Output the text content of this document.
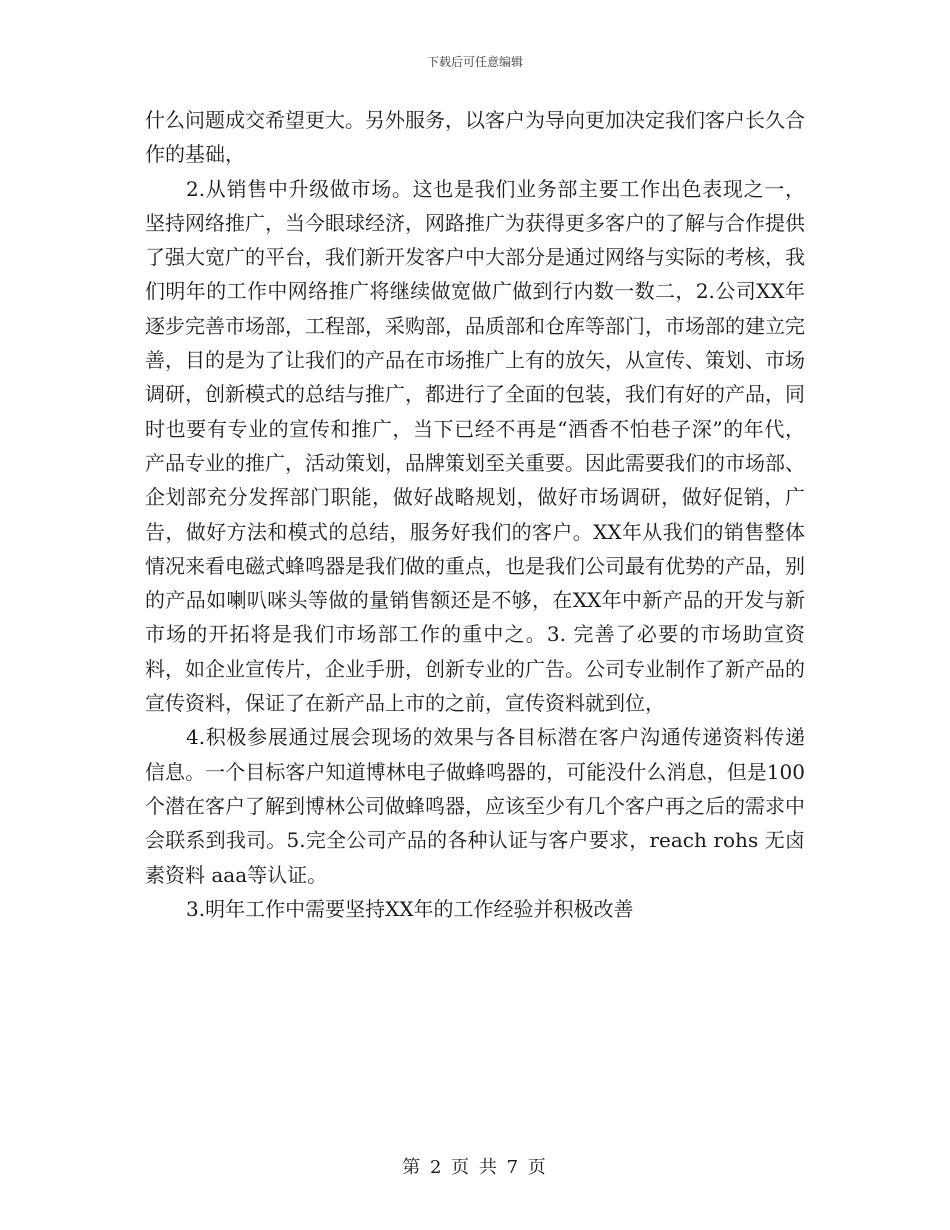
下载后可任意编辑

什么问题成交希望更大。另外服务，以客户为导向更加决定我们客户长久合作的基础，

2.从销售中升级做市场。这也是我们业务部主要工作出色表现之一，坚持网络推广，当今眼球经济，网路推广为获得更多客户的了解与合作提供了强大宽广的平台，我们新开发客户中大部分是通过网络与实际的考核，我们明年的工作中网络推广将继续做宽做广做到行内数一数二，2.公司XX年逐步完善市场部，工程部，采购部，品质部和仓库等部门，市场部的建立完善，目的是为了让我们的产品在市场推广上有的放矢，从宣传、策划、市场调研，创新模式的总结与推广，都进行了全面的包装，我们有好的产品，同时也要有专业的宣传和推广，当下已经不再是“酒香不怕巷子深”的年代，产品专业的推广，活动策划，品牌策划至关重要。因此需要我们的市场部、企划部充分发挥部门职能，做好战略规划，做好市场调研，做好促销，广告，做好方法和模式的总结，服务好我们的客户。XX年从我们的销售整体情况来看电磁式蜂鸣器是我们做的重点，也是我们公司最有优势的产品，别的产品如喇叭咪头等做的量销售额还是不够，在XX年中新产品的开发与新市场的开拓将是我们市场部工作的重中之。3. 完善了必要的市场助宣资料，如企业宣传片，企业手册，创新专业的广告。公司专业制作了新产品的宣传资料，保证了在新产品上市的之前，宣传资料就到位，

4.积极参展通过展会现场的效果与各目标潜在客户沟通传递资料传递信息。一个目标客户知道博林电子做蜂鸣器的，可能没什么消息，但是100个潜在客户了解到博林公司做蜂鸣器，应该至少有几个客户再之后的需求中会联系到我司。5.完全公司产品的各种认证与客户要求，reach rohs 无卤素资料 aaa等认证。

3.明年工作中需要坚持XX年的工作经验并积极改善

第 2 页 共 7 页
